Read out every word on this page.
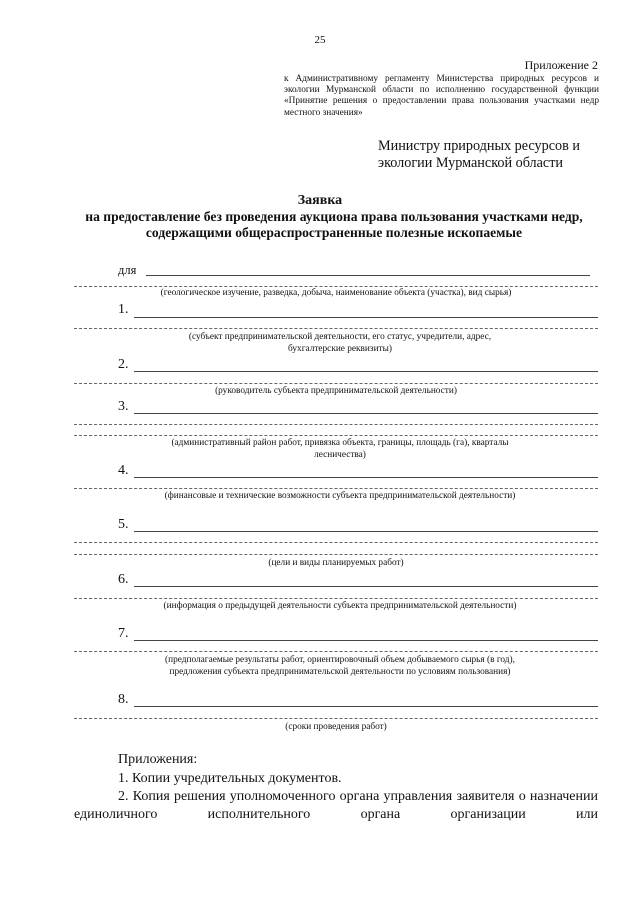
25
Приложение 2
к Административному регламенту Министерства природных ресурсов и экологии Мурманской области по исполнению государственной функции «Принятие решения о предоставлении права пользования участками недр местного значения»
Министру природных ресурсов и
экологии Мурманской области
Заявка
на предоставление без проведения аукциона права пользования участками недр, содержащими общераспространенные полезные ископаемые
для
(геологическое изучение, разведка, добыча, наименование объекта (участка), вид сырья)
1.
(субъект предпринимательской деятельности, его статус, учредители, адрес, бухгалтерские реквизиты)
2.
(руководитель субъекта предпринимательской деятельности)
3.
(административный район работ, привязка объекта, границы, площадь (га), кварталы лесничества)
4.
(финансовые и технические возможности субъекта предпринимательской деятельности)
5.
(цели и виды планируемых работ)
6.
(информация о предыдущей деятельности субъекта предпринимательской деятельности)
7.
(предполагаемые результаты работ, ориентировочный объем добываемого сырья (в год), предложения субъекта предпринимательской деятельности по условиям пользования)
8.
(сроки проведения работ)
Приложения:
1. Копии учредительных документов.
2. Копия решения уполномоченного органа управления заявителя о назначении единоличного исполнительного органа организации или
